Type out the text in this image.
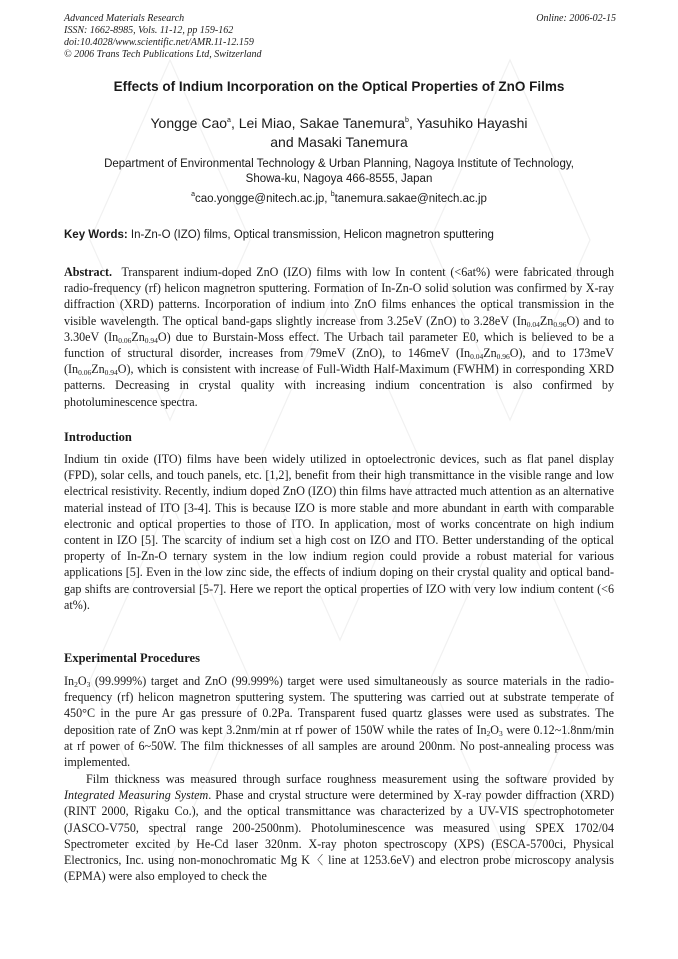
Advanced Materials Research
ISSN: 1662-8985, Vols. 11-12, pp 159-162
doi:10.4028/www.scientific.net/AMR.11-12.159
© 2006 Trans Tech Publications Ltd, Switzerland
Online: 2006-02-15
Effects of Indium Incorporation on the Optical Properties of ZnO Films
Yongge Cao$^a$, Lei Miao, Sakae Tanemura$^b$, Yasuhiko Hayashi
and Masaki Tanemura
Department of Environmental Technology & Urban Planning, Nagoya Institute of Technology,
Showa-ku, Nagoya 466-8555, Japan
$^a$cao.yongge@nitech.ac.jp, $^b$tanemura.sakae@nitech.ac.jp
Key Words: In-Zn-O (IZO) films, Optical transmission, Helicon magnetron sputtering
Abstract. Transparent indium-doped ZnO (IZO) films with low In content (<6at%) were fabricated through radio-frequency (rf) helicon magnetron sputtering. Formation of In-Zn-O solid solution was confirmed by X-ray diffraction (XRD) patterns. Incorporation of indium into ZnO films enhances the optical transmission in the visible wavelength. The optical band-gaps slightly increase from 3.25eV (ZnO) to 3.28eV $(In_{0.04}Zn_{0.96}O)$ and to 3.30eV $(In_{0.06}Zn_{0.94}O)$ due to Burstain-Moss effect. The Urbach tail parameter E0, which is believed to be a function of structural disorder, increases from 79meV (ZnO), to 146meV $(In_{0.04}Zn_{0.96}O)$, and to 173meV $(In_{0.06}Zn_{0.94}O)$, which is consistent with increase of Full-Width Half-Maximum (FWHM) in corresponding XRD patterns. Decreasing in crystal quality with increasing indium concentration is also confirmed by photoluminescence spectra.
Introduction
Indium tin oxide (ITO) films have been widely utilized in optoelectronic devices, such as flat panel display (FPD), solar cells, and touch panels, etc. [1,2], benefit from their high transmittance in the visible range and low electrical resistivity. Recently, indium doped ZnO (IZO) thin films have attracted much attention as an alternative material instead of ITO [3-4]. This is because IZO is more stable and more abundant in earth with comparable electronic and optical properties to those of ITO. In application, most of works concentrate on high indium content in IZO [5]. The scarcity of indium set a high cost on IZO and ITO. Better understanding of the optical property of In-Zn-O ternary system in the low indium region could provide a robust material for various applications [5]. Even in the low zinc side, the effects of indium doping on their crystal quality and optical band-gap shifts are controversial [5-7]. Here we report the optical properties of IZO with very low indium content (<6 at%).
Experimental Procedures
$In_2O_3$ (99.999%) target and ZnO (99.999%) target were used simultaneously as source materials in the radio-frequency (rf) helicon magnetron sputtering system. The sputtering was carried out at substrate temperate of 450°C in the pure Ar gas pressure of 0.2Pa. Transparent fused quartz glasses were used as substrates. The deposition rate of ZnO was kept 3.2nm/min at rf power of 150W while the rates of $In_2O_3$ were 0.12~1.8nm/min at rf power of 6~50W. The film thicknesses of all samples are around 200nm. No post-annealing process was implemented.
Film thickness was measured through surface roughness measurement using the software provided by Integrated Measuring System. Phase and crystal structure were determined by X-ray powder diffraction (XRD) (RINT 2000, Rigaku Co.), and the optical transmittance was characterized by a UV-VIS spectrophotometer (JASCO-V750, spectral range 200-2500nm). Photoluminescence was measured using SPEX 1702/04 Spectrometer excited by He-Cd laser 320nm. X-ray photon spectroscopy (XPS) (ESCA-5700ci, Physical Electronics, Inc. using non-monochromatic Mg K〈 line at 1253.6eV) and electron probe microscopy analysis (EPMA) were also employed to check the
